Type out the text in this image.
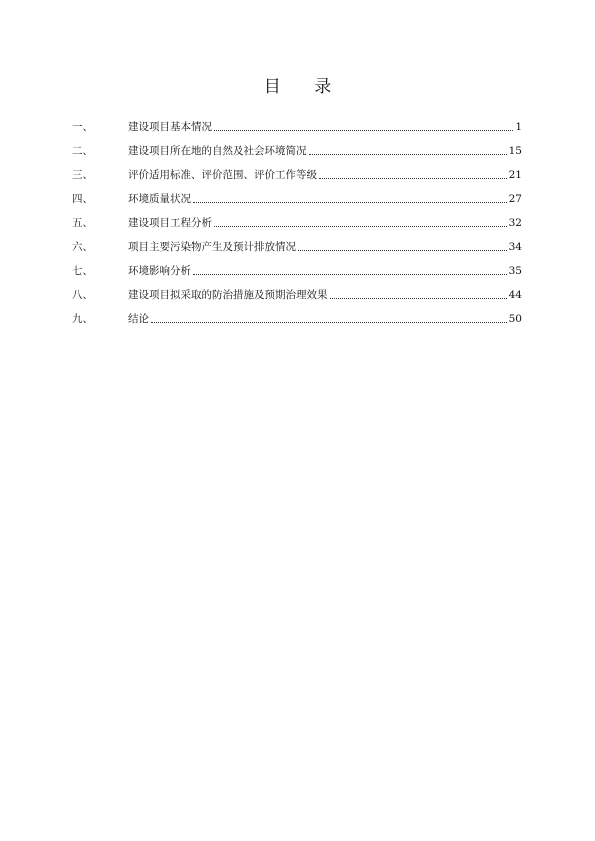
目 录
一、	建设项目基本情况	1
二、	建设项目所在地的自然及社会环境简况	15
三、	评价适用标准、评价范围、评价工作等级	21
四、	环境质量状况	27
五、	建设项目工程分析	32
六、	项目主要污染物产生及预计排放情况	34
七、	环境影响分析	35
八、	建设项目拟采取的防治措施及预期治理效果	44
九、	结论	50
